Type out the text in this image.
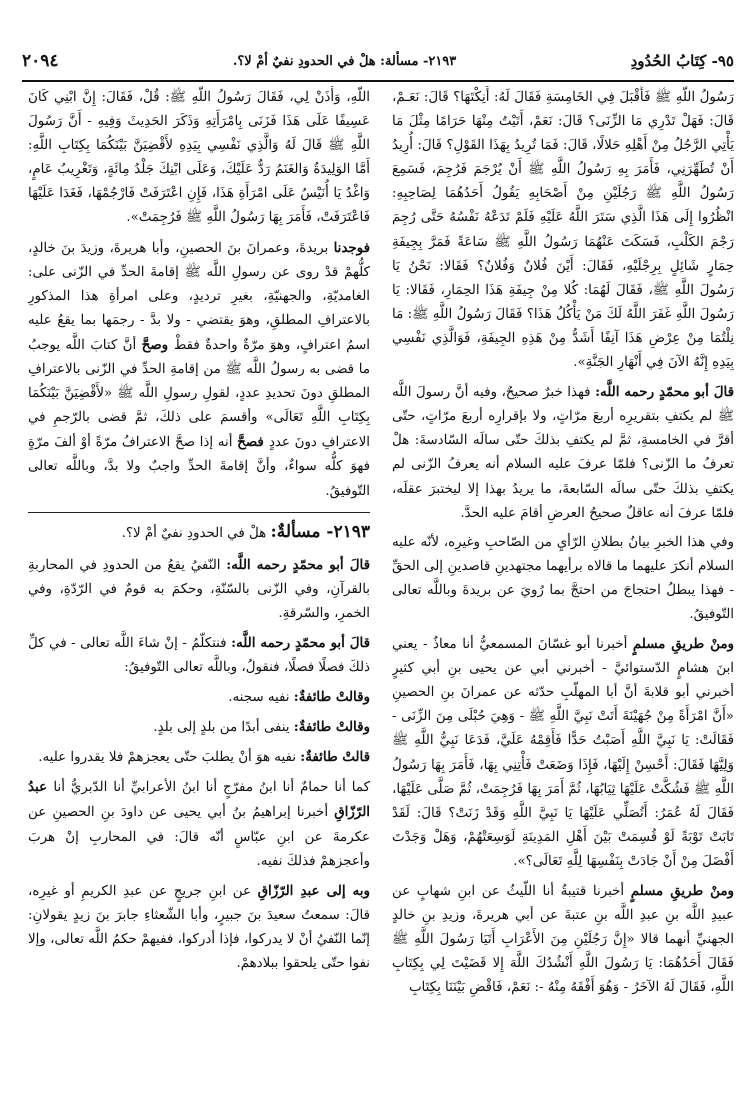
٩٥- كِتَابُ الحُدُودِ
٢١٩٣- مسألة: هلْ في الحدودِ نفيٌ أمْ لا؟.
٢٠٩٤

رَسُولُ اللَّهِ ﷺ فَأَقْبَلَ فِي الخَامِسَةِ فَقَالَ لَهُ: أَنِكْتَهَا؟ قَالَ: نَعَـمْ، قَالَ: فَهَلْ تَدْرِي مَا الزِّنَى؟ قَالَ: نَعَمْ، أَتَيْتُ مِنْهَا حَرَامًا مِثْلَ مَا يَأْتِي الرَّجُلُ مِنْ أَهْلِهِ حَلالًا، قَالَ: فَمَا تُرِيدُ بِهَذَا القَوْلِ؟ قَالَ: أُرِيدُ أَنْ تُطَهِّرَنِي، فَأَمَرَ بِهِ رَسُولُ اللَّهِ ﷺ أَنْ يُرْجَمَ فَرُجِمَ، فَسَمِعَ رَسُولُ اللَّهِ ﷺ رَجُلَيْنِ مِنْ أَصْحَابِهِ يَقُولُ أَحَدُهُمَا لِصَاحِبِهِ: انْظُرُوا إِلَى هَذَا الَّذِي سَتَرَ اللَّهُ عَلَيْهِ فَلَمْ تَدَعْهُ نَفْسُهُ حَتَّى رُجِمَ رَجْمَ الكَلْبِ، فَسَكَتَ عَنْهُمَا رَسُولُ اللَّهِ ﷺ سَاعَةً فَمَرَّ بِجِيفَةِ حِمَارٍ شَائِلٍ بِرِجْلَيْهِ، فَقَالَ: أَيْنَ فُلانٌ وَفُلانٌ؟ فَقَالا: نَحْنُ يَا رَسُولَ اللَّهِ ﷺ، فَقَالَ لَهُمَا: كُلا مِنْ جِيفَةِ هَذَا الحِمَارِ، فَقَالا: يَا رَسُولَ اللَّهِ غَفَرَ اللَّهُ لَكَ مَنْ يَأْكُلُ هَذَا؟ فَقَالَ رَسُولُ اللَّهِ ﷺ: مَا نِلْتُمَا مِنْ عِرْضِ هَذَا آنِفًا أَشَدُّ مِنْ هَذِهِ الجِيفَةِ، فَوَالَّذِي نَفْسِي بِيَدِهِ إِنَّهُ الآنَ فِي أَنْهَارِ الجَنَّةِ».

قالَ أبو محمّدٍ رحمه اللَّه: فهذا خبرٌ صحيحٌ، وفيه أنَّ رسولَ اللَّه ﷺ لم يكتفِ بتقريرِه أربعَ مرّاتٍ، ولا بإقرارِه أربعَ مرّاتٍ، حتّى أقرَّ في الخامسةِ، ثمَّ لم يكتفِ بذلكَ حتّى سالَه السّادسةَ: هلْ تعرفُ ما الزّنى؟ فلمّا عرفَ عليه السلام أنه يعرفُ الزّنى لم يكتفِ بذلكَ حتّى سالَه السّابعةَ، ما يريدُ بهذا إلا ليختبرَ عقلَه، فلمّا عرفَ أنه عاقلٌ صحيحُ العرضِ أقامَ عليه الحدَّ.

وفي هذا الخبرِ بيانُ بطلانِ الرّأيِ من الصّاحبِ وغيرِه، لأنّه عليه السلام أنكرَ عليهما ما قالاه برأيهما مجتهدينِ قاصدينِ إلى الحقِّ - فهذا يبطلُ احتجاجَ من احتجَّ بما رُويَ عن بريدةَ وباللَّه تعالى التّوفيقُ.

ومنْ طريقِ مسلمٍ أخبرنا أبو غسّانَ المسمعيُّ أنا معاذٌ - يعني ابنَ هشامٍ الدّستوائيَّ - أخبرني أبي عن يحيى بنِ أبي كثيرٍ أخبرني أبو قلابةَ أنَّ أبا المهلّبِ حدّثه عن عمرانَ بنِ الحصينِ «أَنَّ امْرَأَةً مِنْ جُهَيْنَةَ أَتَتْ نَبِيَّ اللَّهِ ﷺ - وَهِيَ حُبْلَى مِنَ الزِّنَى - فَقَالَتْ: يَا نَبِيَّ اللَّهِ أَصَبْتُ حَدًّا فَأَقِمْهُ عَلَيَّ، فَدَعَا نَبِيُّ اللَّهِ ﷺ وَلِيَّهَا فَقَالَ: أَحْسِنْ إِلَيْهَا، فَإِذَا وَضَعَتْ فَأْتِنِي بِهَا، فَأَمَرَ بِهَا رَسُولُ اللَّهِ ﷺ فَشُكَّتْ عَلَيْهَا ثِيَابُهَا، ثُمَّ أَمَرَ بِهَا فَرُجِمَتْ، ثُمَّ صَلَّى عَلَيْهَا، فَقَالَ لَهُ عُمَرُ: أَتُصَلِّي عَلَيْهَا يَا نَبِيَّ اللَّهِ وَقَدْ زَنَتْ؟ قَالَ: لَقَدْ تَابَتْ تَوْبَةً لَوْ قُسِمَتْ بَيْنَ أَهْلِ المَدِينَةِ لَوَسِعَتْهُمْ، وَهَلْ وَجَدْتَ أَفْضَلَ مِنْ أَنْ جَادَتْ بِنَفْسِهَا لِلَّهِ تَعَالَى؟».

ومنْ طريقِ مسلمٍ أخبرنا قتيبةُ أنا اللّيثُ عن ابنِ شهابٍ عن عبيدِ اللَّه بنِ عبدِ اللَّه بنِ عتبةَ عن أبي هريرةَ، وزيدِ بنِ خالدٍ الجهنيِّ أنهما قالا «إِنَّ رَجُلَيْنِ مِنَ الأَعْرَابِ أَتَيَا رَسُولَ اللَّهِ ﷺ فَقَالَ أَحَدُهُمَا: يَا رَسُولَ اللَّهِ أَنْشُدُكَ اللَّهَ إِلا قَضَيْتَ لِي بِكِتَابِ اللَّهِ، فَقَالَ لَهُ الآخَرُ - وَهُوَ أَفْقَهُ مِنْهُ -: نَعَمْ، فَاقْضِ بَيْنَنَا بِكِتَابِ

اللَّهِ، وَأْذَنْ لِي، فَقَالَ رَسُولُ اللَّهِ ﷺ: قُلْ، فَقَالَ: إِنَّ ابْنِي كَانَ عَسِيفًا عَلَى هَذَا فَزَنَى بِامْرَأَتِهِ وَذَكَرَ الحَدِيثَ وَفِيهِ - أَنَّ رَسُولَ اللَّهِ ﷺ قَالَ لَهُ وَالَّذِي نَفْسِي بِيَدِهِ لأَقْضِيَنَّ بَيْنَكُمَا بِكِتَابِ اللَّهِ: أَمَّا الوَلِيدَةُ وَالغَنَمُ رَدٌّ عَلَيْكَ، وَعَلَى ابْنِكَ جَلْدُ مِائَةٍ، وَتَغْرِيبُ عَامٍ، وَاغْدُ يَا أُنَيْسُ عَلَى امْرَأَةِ هَذَا، فَإِنِ اعْتَرَفَتْ فَارْجُمْهَا، فَغَدَا عَلَيْهَا فَاعْتَرَفَتْ، فَأَمَرَ بِهَا رَسُولُ اللَّهِ ﷺ فَرُجِمَتْ».

فوجدنا بريدةَ، وعمرانَ بنَ الحصينِ، وأبا هريرةَ، وزيدَ بنَ خالدٍ، كلُّهمْ قدْ روى عن رسولِ اللَّه ﷺ إقامةَ الحدِّ في الزّنى على: الغامديّةِ، والجهنيّةِ، بغيرِ ترديدٍ، وعلى امرأةِ هذا المذكورِ بالاعترافِ المطلقِ، وهوَ يقتضي - ولا بدَّ - رجمَها بما يقعُ عليه اسمُ اعترافٍ، وهوَ مرّةٌ واحدةٌ فقطْ وصحَّ أنَّ كتابَ اللَّه يوجبُ ما قضى به رسولُ اللَّه ﷺ من إقامةِ الحدِّ في الزّنى بالاعترافِ المطلقِ دونَ تحديدِ عددٍ، لقولِ رسولِ اللَّه ﷺ «لأَقْضِيَنَّ بَيْنَكُمَا بِكِتَابِ اللَّهِ تَعَالَى» وأقسمَ على ذلكَ، ثمَّ قضى بالرّجمِ في الاعترافِ دونَ عددٍ فصحَّ أنه إذا صحَّ الاعترافُ مرّةً أوْ ألفَ مرّةٍ فهوَ كلُّه سواءٌ، وأنَّ إقامةَ الحدِّ واجبٌ ولا بدَّ، وباللَّه تعالى التّوفيقُ.

٢١٩٣- مسألةٌ: هلْ في الحدودِ نفيٌ أمْ لا؟.

قالَ أبو محمّدٍ رحمه اللَّه: النّفيُ يقعُ من الحدودِ في المحاربةِ بالقرآنِ، وفي الزّنى بالسّنّةِ، وحكمَ به قومٌ في الرّدّةِ، وفي الخمرِ، والسّرقةِ.

قالَ أبو محمّدٍ رحمه اللَّه: فنتكلّمُ - إنْ شاءَ اللَّه تعالى - في كلِّ ذلكَ فصلًا فصلًا، فنقولُ، وباللَّه تعالى التّوفيقُ:

وقالتْ طائفةٌ: نفيه سجنه.

وقالتْ طائفةٌ: ينفى أبدًا من بلدٍ إلى بلدٍ.

قالتْ طائفةٌ: نفيه هوَ أنْ يطلبَ حتّى يعجزهمْ فلا يقدروا عليه.

كما أنا حمامٌ أنا ابنُ مفرّجٍ أنا ابنُ الأعرابيِّ أنا الدّبريُّ أنا عبدُ الرّزّاقِ أخبرنا إبراهيمُ بنُ أبي يحيى عن داودَ بنِ الحصينِ عن عكرمةَ عن ابنِ عبّاسٍ أنّه قالَ: في المحاربِ إنْ هربَ وأعجزهمْ فذلكَ نفيه.

وبه إلى عبدِ الرّزّاقِ عن ابنِ جريجٍ عن عبدِ الكريمِ أو غيرِه، قالَ: سمعتُ سعيدَ بنَ جبيرٍ، وأبا الشّعثاءِ جابرَ بنَ زيدٍ يقولانِ: إنّما النّفيُ أنْ لا يدركوا، فإذا أدركوا، ففيهمْ حكمُ اللَّه تعالى، وإلا نفوا حتّى يلحقوا ببلادهمْ.
